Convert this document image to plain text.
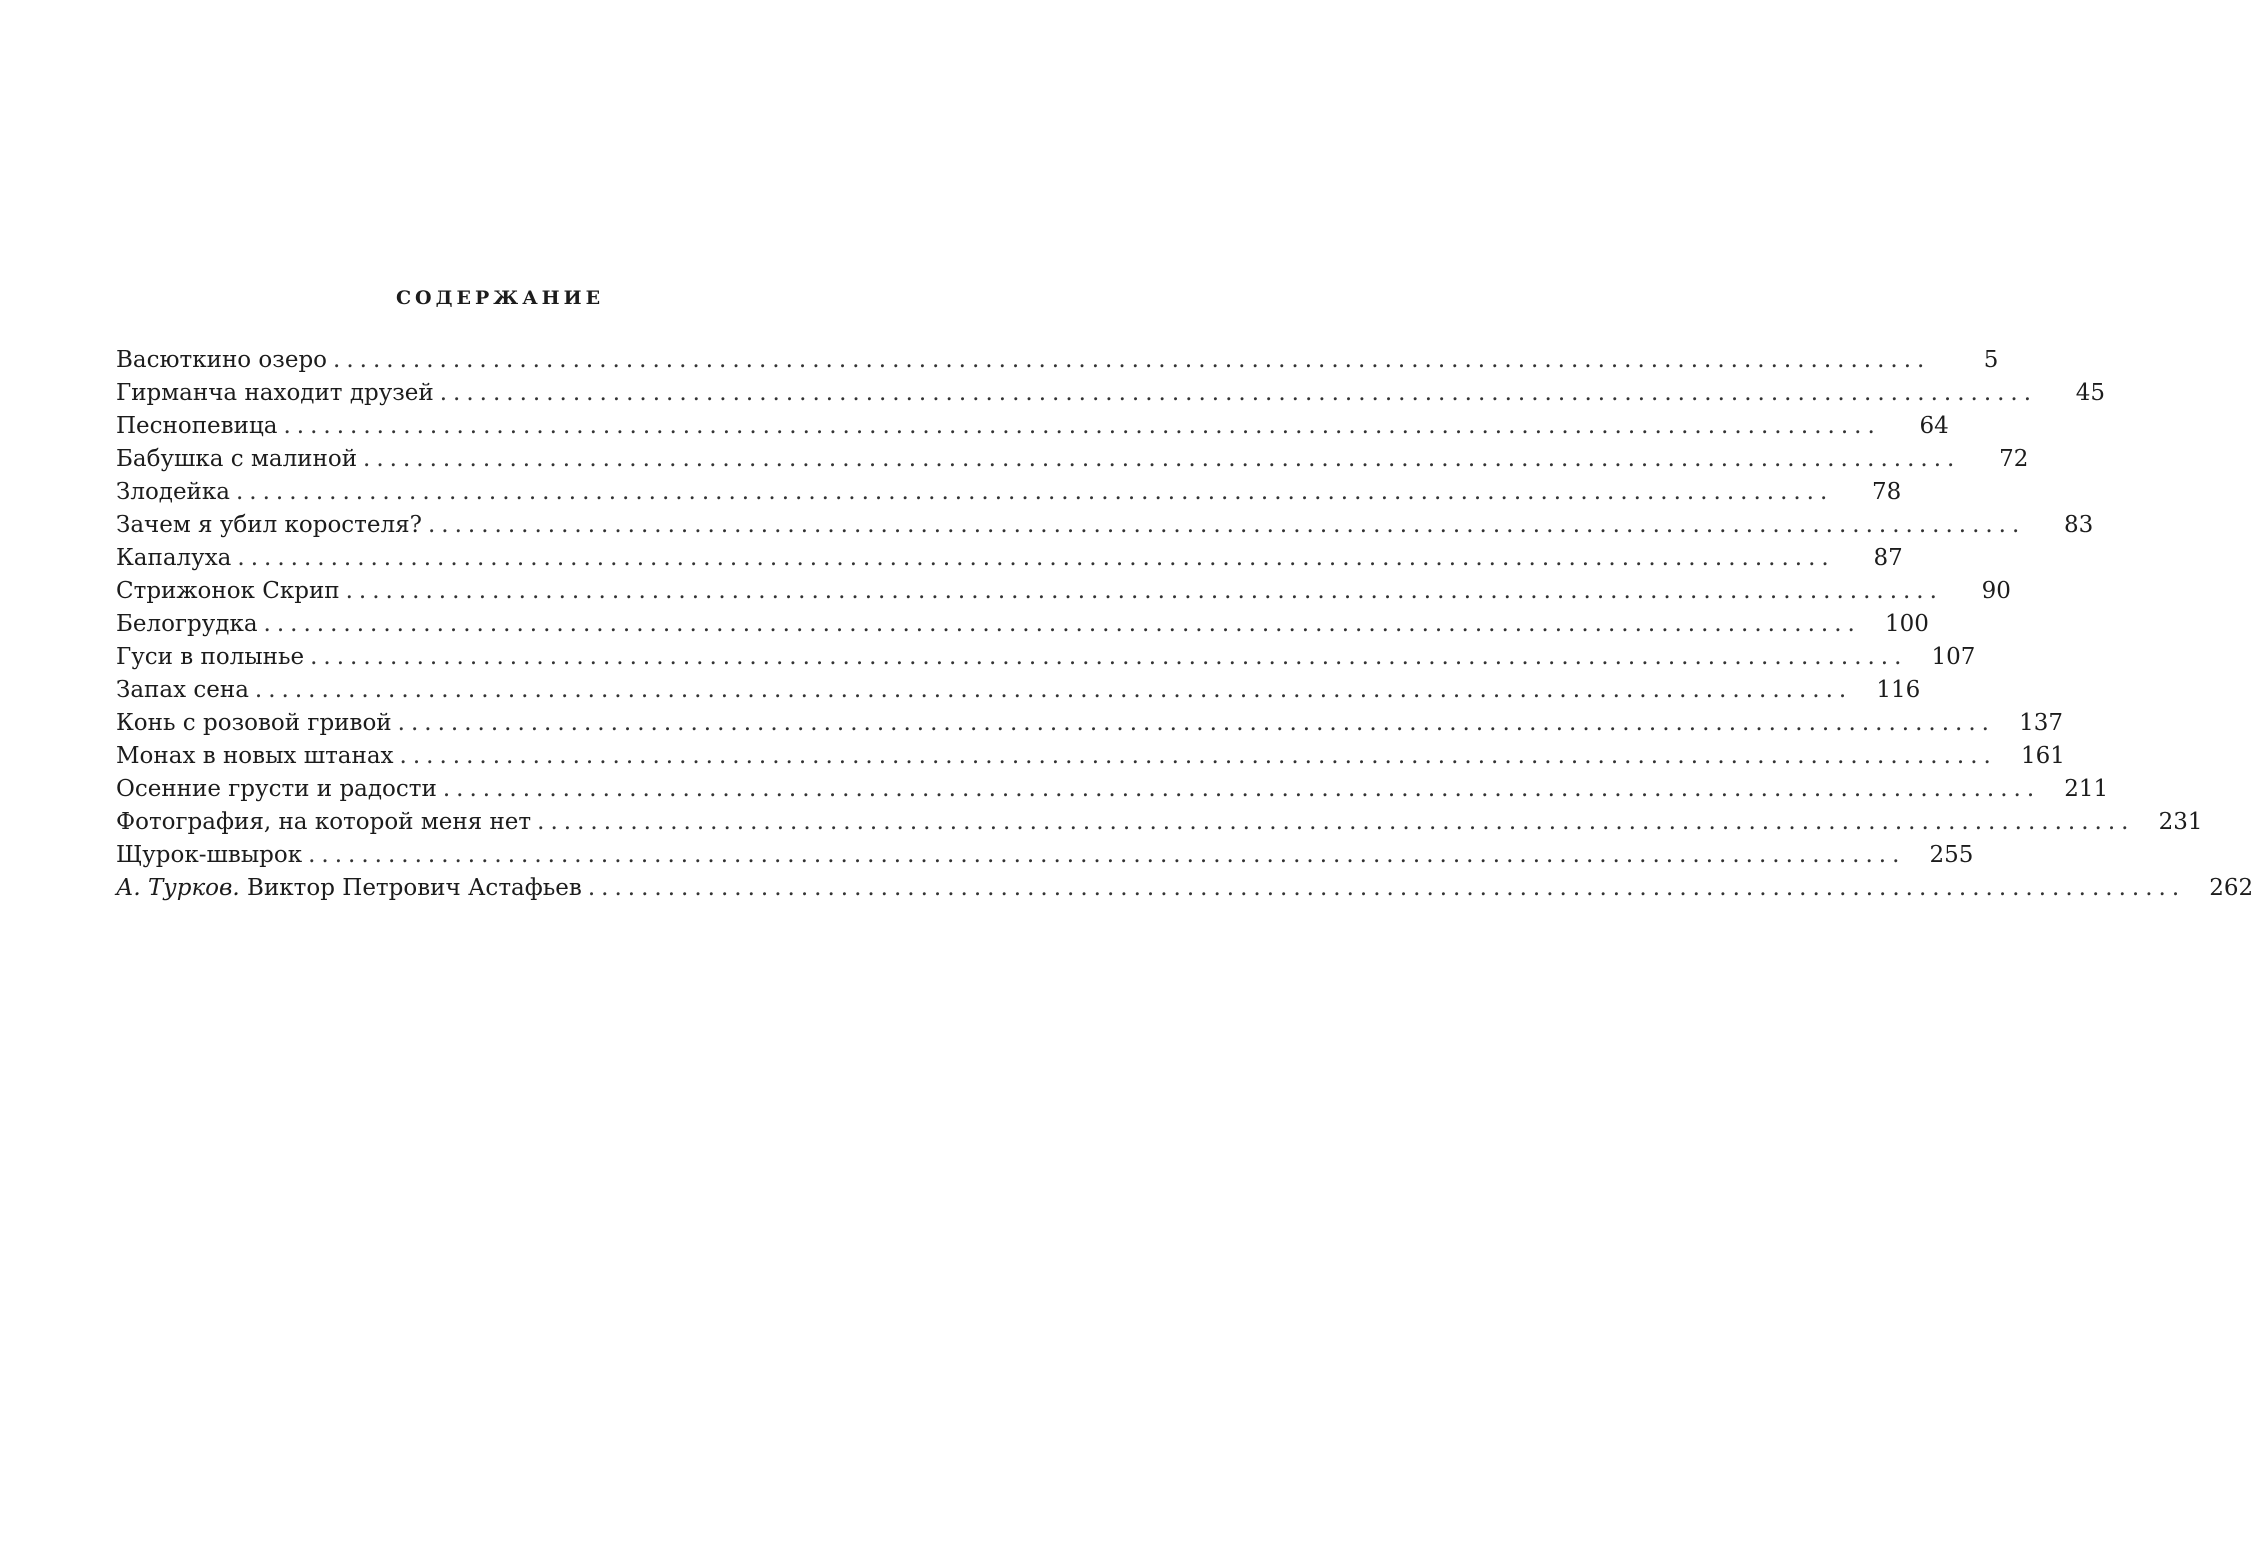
СОДЕРЖАНИЕ
Васюткино озеро ........................................................................................................................	5
Гирманча находит друзей ........................................................................................................................	45
Песнопевица ........................................................................................................................	64
Бабушка с малиной ........................................................................................................................	72
Злодейка ........................................................................................................................	78
Зачем я убил коростеля? ........................................................................................................................	83
Капалуха ........................................................................................................................	87
Стрижонок Скрип ........................................................................................................................	90
Белогрудка ........................................................................................................................	100
Гуси в полынье ........................................................................................................................	107
Запах сена ........................................................................................................................	116
Конь с розовой гривой ........................................................................................................................	137
Монах в новых штанах ........................................................................................................................	161
Осенние грусти и радости ........................................................................................................................	211
Фотография, на которой меня нет ........................................................................................................................	231
Щурок-швырок ........................................................................................................................	255
А. Турков. Виктор Петрович Астафьев ........................................................................................................................	262
